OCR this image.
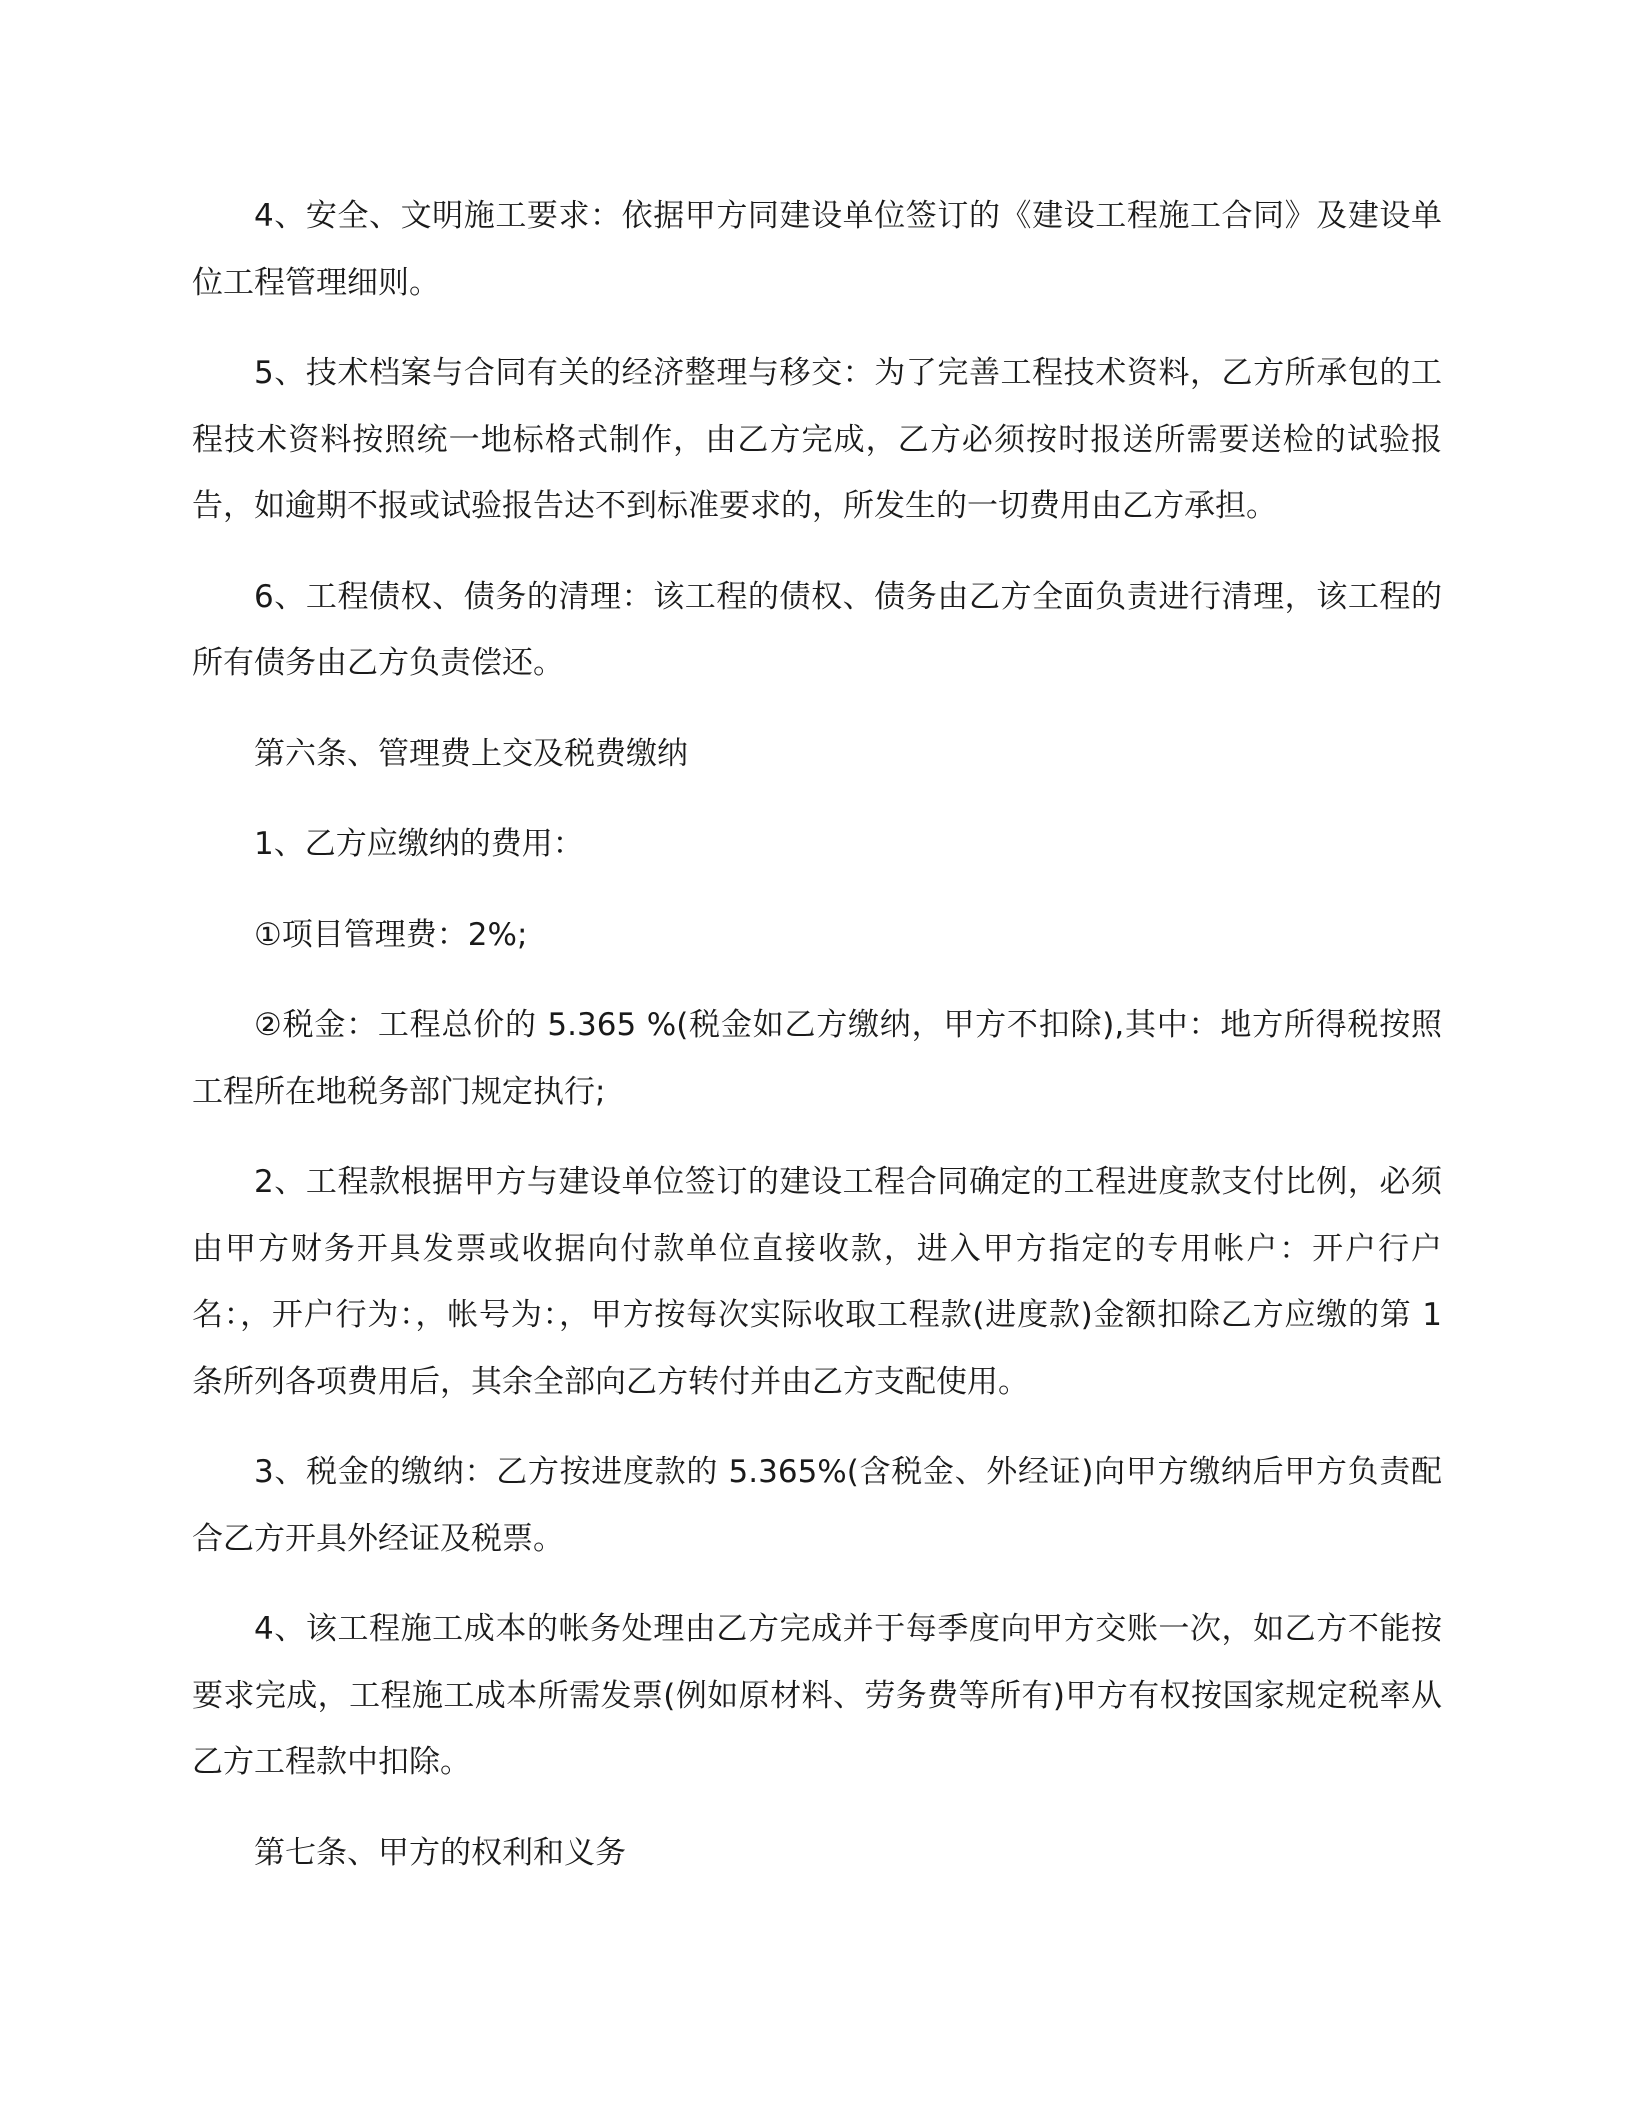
4、安全、文明施工要求：依据甲方同建设单位签订的《建设工程施工合同》及建设单位工程管理细则。

5、技术档案与合同有关的经济整理与移交：为了完善工程技术资料，乙方所承包的工程技术资料按照统一地标格式制作，由乙方完成，乙方必须按时报送所需要送检的试验报告，如逾期不报或试验报告达不到标准要求的，所发生的一切费用由乙方承担。

6、工程债权、债务的清理：该工程的债权、债务由乙方全面负责进行清理，该工程的所有债务由乙方负责偿还。

第六条、管理费上交及税费缴纳

1、乙方应缴纳的费用：

①项目管理费：2%;

②税金：工程总价的 5.365 %(税金如乙方缴纳，甲方不扣除),其中：地方所得税按照工程所在地税务部门规定执行;

2、工程款根据甲方与建设单位签订的建设工程合同确定的工程进度款支付比例，必须由甲方财务开具发票或收据向付款单位直接收款，进入甲方指定的专用帐户：开户行户名：，开户行为：，帐号为：，甲方按每次实际收取工程款(进度款)金额扣除乙方应缴的第 1 条所列各项费用后，其余全部向乙方转付并由乙方支配使用。

3、税金的缴纳：乙方按进度款的 5.365%(含税金、外经证)向甲方缴纳后甲方负责配合乙方开具外经证及税票。

4、该工程施工成本的帐务处理由乙方完成并于每季度向甲方交账一次，如乙方不能按要求完成，工程施工成本所需发票(例如原材料、劳务费等所有)甲方有权按国家规定税率从乙方工程款中扣除。

第七条、甲方的权利和义务
